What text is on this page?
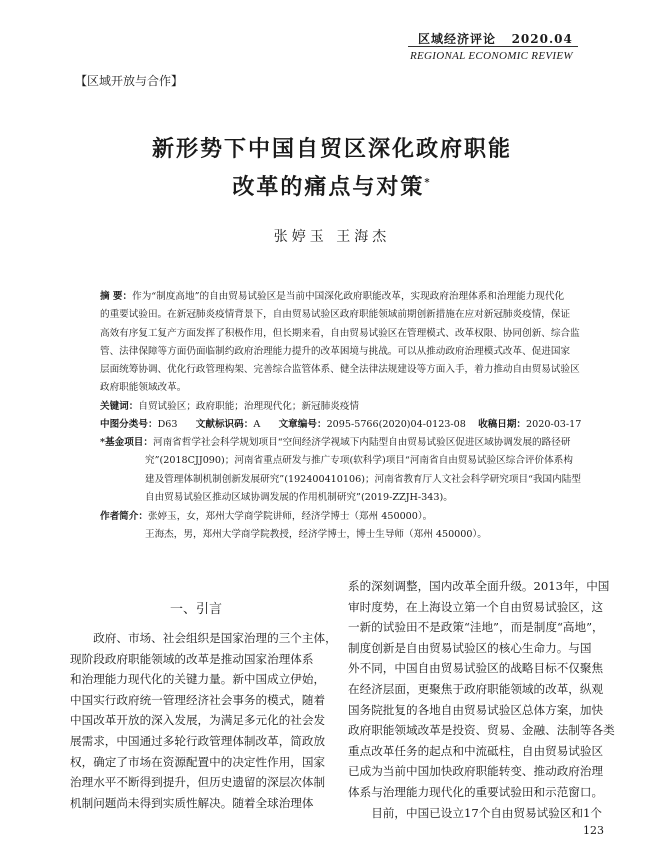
区域经济评论 2020.04
REGIONAL ECONOMIC REVIEW
【区域开放与合作】
新形势下中国自贸区深化政府职能
改革的痛点与对策*
张婷玉 王海杰
摘 要：作为“制度高地”的自由贸易试验区是当前中国深化政府职能改革，实现政府治理体系和治理能力现代化
的重要试验田。在新冠肺炎疫情背景下，自由贸易试验区政府职能领域前期创新措施在应对新冠肺炎疫情，保证
高效有序复工复产方面发挥了积极作用，但长期来看，自由贸易试验区在管理模式、改革权限、协同创新、综合监
管、法律保障等方面仍面临制约政府治理能力提升的改革困境与挑战。可以从推动政府治理模式改革、促进国家
层面统筹协调、优化行政管理构架、完善综合监管体系、健全法律法规建设等方面入手，着力推动自由贸易试验区
政府职能领域改革。
关键词：自贸试验区；政府职能；治理现代化；新冠肺炎疫情
中图分类号：D63 文献标识码：A 文章编号：2095-5766(2020)04-0123-08 收稿日期：2020-03-17
*基金项目：河南省哲学社会科学规划项目“空间经济学视域下内陆型自由贸易试验区促进区域协调发展的路径研
究”(2018CJJ090)；河南省重点研发与推广专项(软科学)项目“河南省自由贸易试验区综合评价体系构
建及管理体制机制创新发展研究”(192400410106)；河南省教育厅人文社会科学研究项目“我国内陆型
自由贸易试验区推动区域协调发展的作用机制研究”(2019-ZZJH-343)。
作者简介：张婷玉，女，郑州大学商学院讲师，经济学博士（郑州 450000）。
王海杰，男，郑州大学商学院教授，经济学博士，博士生导师（郑州 450000）。
一、引言
政府、市场、社会组织是国家治理的三个主体，
现阶段政府职能领域的改革是推动国家治理体系
和治理能力现代化的关键力量。新中国成立伊始，
中国实行政府统一管理经济社会事务的模式，随着
中国改革开放的深入发展，为满足多元化的社会发
展需求，中国通过多轮行政管理体制改革，简政放
权，确定了市场在资源配置中的决定性作用，国家
治理水平不断得到提升，但历史遗留的深层次体制
机制问题尚未得到实质性解决。随着全球治理体
系的深刻调整，国内改革全面升级。2013年，中国
审时度势，在上海设立第一个自由贸易试验区，这
一新的试验田不是政策“洼地”，而是制度“高地”，
制度创新是自由贸易试验区的核心生命力。与国
外不同，中国自由贸易试验区的战略目标不仅聚焦
在经济层面，更聚焦于政府职能领域的改革，纵观
国务院批复的各地自由贸易试验区总体方案，加快
政府职能领域改革是投资、贸易、金融、法制等各类
重点改革任务的起点和中流砥柱，自由贸易试验区
已成为当前中国加快政府职能转变、推动政府治理
体系与治理能力现代化的重要试验田和示范窗口。
目前，中国已设立17个自由贸易试验区和1个
123
